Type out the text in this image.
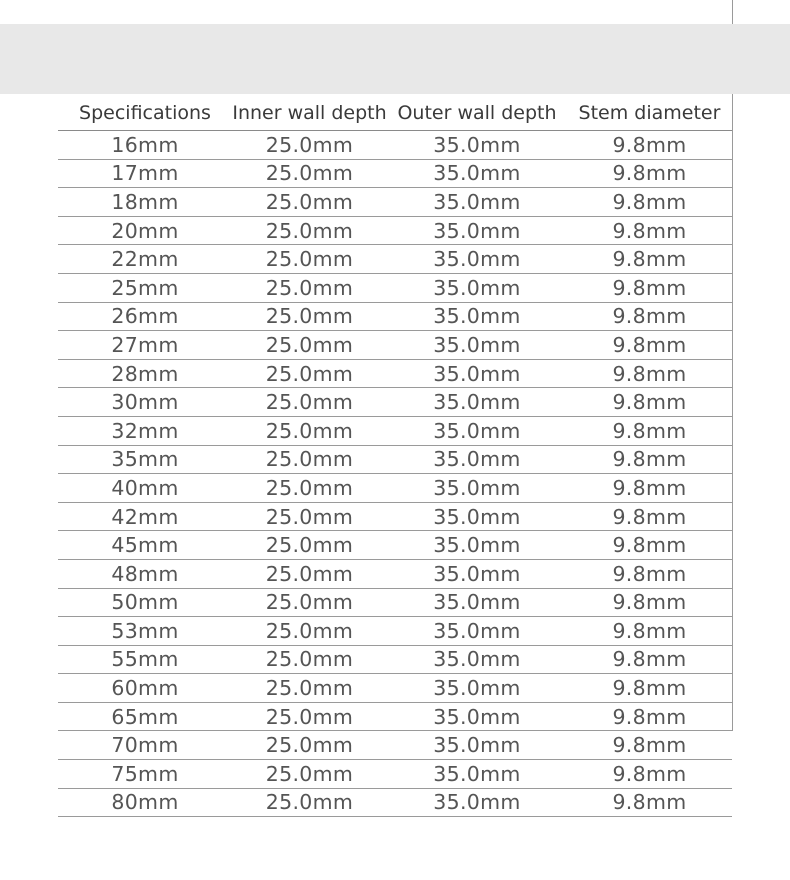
Specifications	Inner wall depth	Outer wall depth	Stem diameter
16mm	25.0mm	35.0mm	9.8mm
17mm	25.0mm	35.0mm	9.8mm
18mm	25.0mm	35.0mm	9.8mm
20mm	25.0mm	35.0mm	9.8mm
22mm	25.0mm	35.0mm	9.8mm
25mm	25.0mm	35.0mm	9.8mm
26mm	25.0mm	35.0mm	9.8mm
27mm	25.0mm	35.0mm	9.8mm
28mm	25.0mm	35.0mm	9.8mm
30mm	25.0mm	35.0mm	9.8mm
32mm	25.0mm	35.0mm	9.8mm
35mm	25.0mm	35.0mm	9.8mm
40mm	25.0mm	35.0mm	9.8mm
42mm	25.0mm	35.0mm	9.8mm
45mm	25.0mm	35.0mm	9.8mm
48mm	25.0mm	35.0mm	9.8mm
50mm	25.0mm	35.0mm	9.8mm
53mm	25.0mm	35.0mm	9.8mm
55mm	25.0mm	35.0mm	9.8mm
60mm	25.0mm	35.0mm	9.8mm
65mm	25.0mm	35.0mm	9.8mm
70mm	25.0mm	35.0mm	9.8mm
75mm	25.0mm	35.0mm	9.8mm
80mm	25.0mm	35.0mm	9.8mm
